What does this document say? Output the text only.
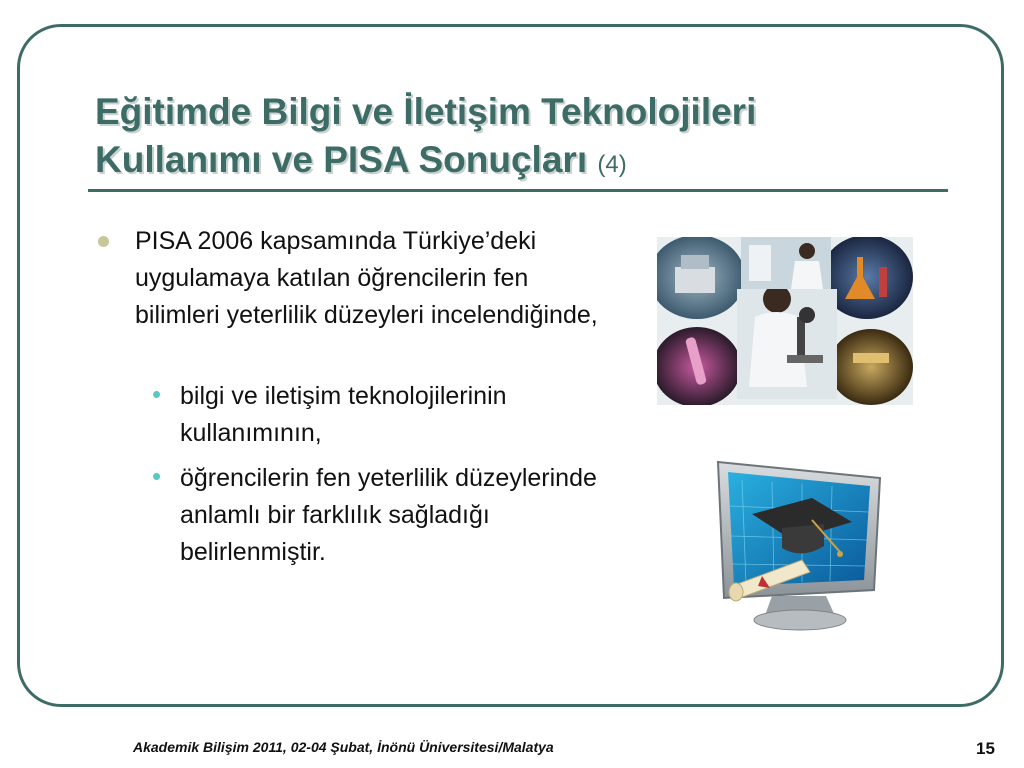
Eğitimde Bilgi ve İletişim Teknolojileri
Kullanımı ve PISA Sonuçları (4)
PISA 2006 kapsamında Türkiye’deki uygulamaya katılan öğrencilerin fen bilimleri yeterlilik düzeyleri incelendiğinde,
• bilgi ve iletişim teknolojilerinin kullanımının,
• öğrencilerin fen yeterlilik düzeylerinde anlamlı bir farklılık sağladığı belirlenmiştir.
Akademik Bilişim 2011, 02-04 Şubat, İnönü Üniversitesi/Malatya	15
